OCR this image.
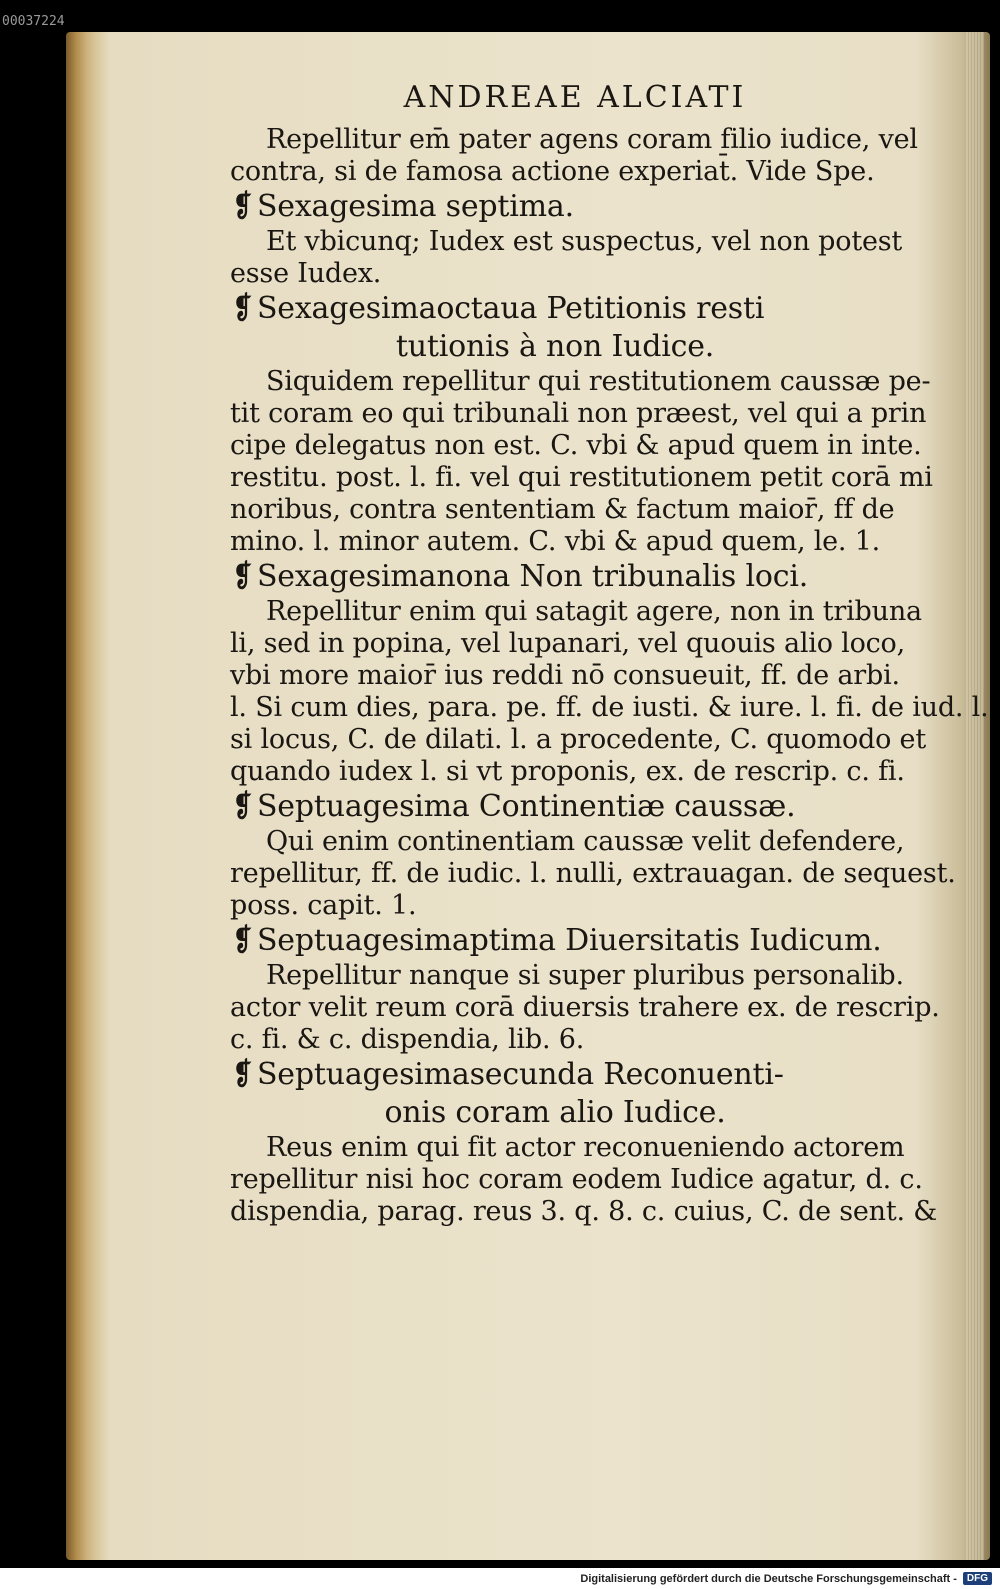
00037224
ANDREAE ALCIATI
Repellitur em̄ pater agens coram filio iudice, vel
contra, si de famosa actione experiat̄. Vide Spe.
❡ Sexagesima septima.
Et vbicunq; Iudex est suspectus, vel non potest
esse Iudex.
❡ Sexagesimaoctaua Petitionis resti
tutionis à non Iudice.
Siquidem repellitur qui restitutionem caussæ pe-
tit coram eo qui tribunali non præest, vel qui a prin
cipe delegatus non est. C. vbi & apud quem in inte.
restitu. post. l. fi. vel qui restitutionem petit corā mi
noribus, contra sententiam & factum maior̄, ff de
mino. l. minor autem. C. vbi & apud quem, le. 1.
❡ Sexagesimanona Non tribunalis loci.
Repellitur enim qui satagit agere, non in tribuna
li, sed in popina, vel lupanari, vel quouis alio loco,
vbi more maior̄ ius reddi nō consueuit, ff. de arbi.
l. Si cum dies, para. pe. ff. de iusti. & iure. l. fi. de iud. l.
si locus, C. de dilati. l. a procedente, C. quomodo et
quando iudex l. si vt proponis, ex. de rescrip. c. fi.
❡ Septuagesima Continentiæ caussæ.
Qui enim continentiam caussæ velit defendere,
repellitur, ff. de iudic. l. nulli, extrauagan. de sequest.
poss. capit. 1.
❡ Septuagesimaptima Diuersitatis Iudicum.
Repellitur nanque si super pluribus personalib.
actor velit reum corā diuersis trahere ex. de rescrip.
c. fi. & c. dispendia, lib. 6.
❡ Septuagesimasecunda Reconuenti-
onis coram alio Iudice.
Reus enim qui fit actor reconueniendo actorem
repellitur nisi hoc coram eodem Iudice agatur, d. c.
dispendia, parag. reus 3. q. 8. c. cuius, C. de sent. &
Digitalisierung gefördert durch die Deutsche Forschungsgemeinschaft -	DFG
